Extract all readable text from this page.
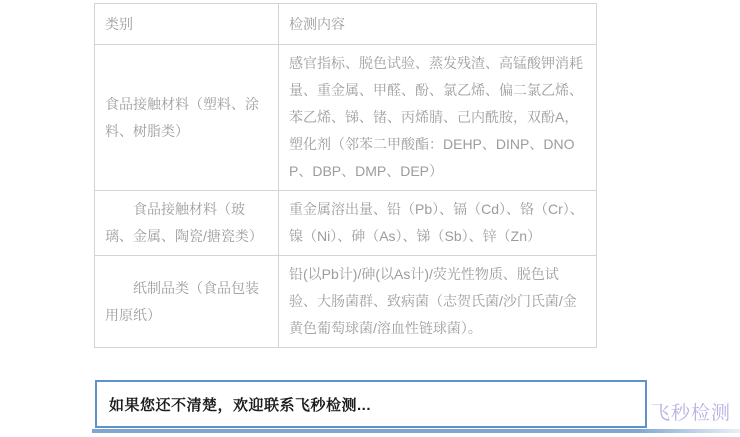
类别	检测内容
食品接触材料（塑料、涂料、树脂类）	感官指标、脱色试验、蒸发残渣、高锰酸钾消耗量、重金属、甲醛、酚、氯乙烯、偏二氯乙烯、苯乙烯、锑、锗、丙烯腈、己内酰胺，双酚A，塑化剂（邻苯二甲酸酯：DEHP、DINP、DNOP、DBP、DMP、DEP）
食品接触材料（玻璃、金属、陶瓷/搪瓷类）	重金属溶出量、铅（Pb）、镉（Cd）、铬（Cr）、镍（Ni）、砷（As）、锑（Sb）、锌（Zn）
纸制品类（食品包装用原纸）	铅(以Pb计)/砷(以As计)/荧光性物质、脱色试验、大肠菌群、致病菌（志贺氏菌/沙门氏菌/金黄色葡萄球菌/溶血性链球菌）。
如果您还不清楚，欢迎联系飞秒检测...	飞秒检测
